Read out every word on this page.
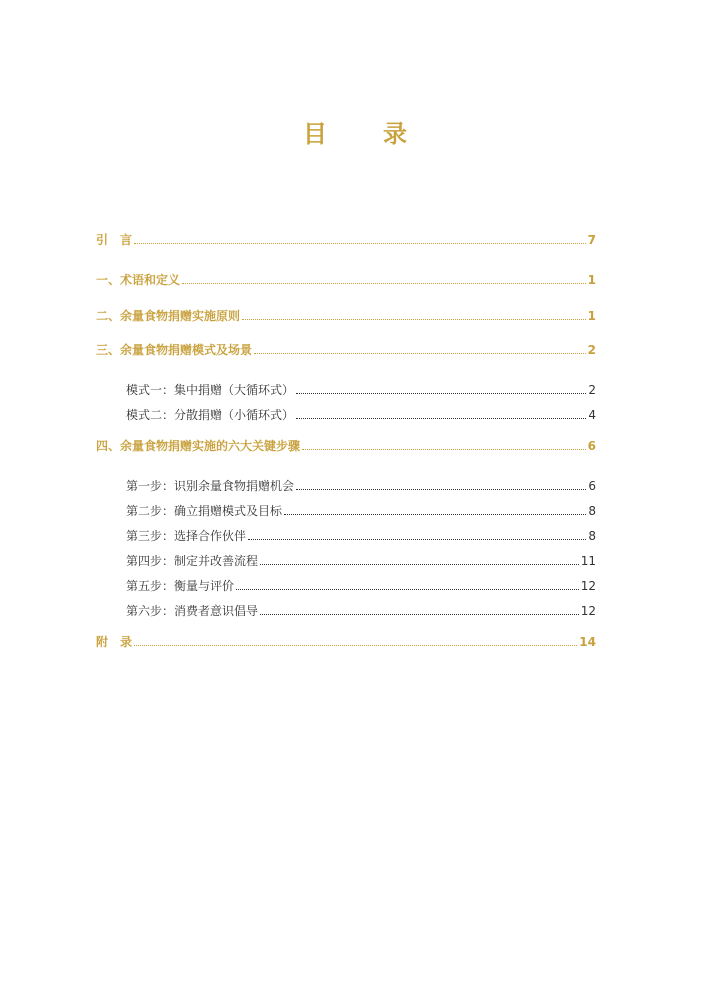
目　录
引　言	7
一、术语和定义	1
二、余量食物捐赠实施原则	1
三、余量食物捐赠模式及场景	2
模式一：集中捐赠（大循环式）	2
模式二：分散捐赠（小循环式）	4
四、余量食物捐赠实施的六大关键步骤	6
第一步：识别余量食物捐赠机会	6
第二步：确立捐赠模式及目标	8
第三步：选择合作伙伴	8
第四步：制定并改善流程	11
第五步：衡量与评价	12
第六步：消费者意识倡导	12
附　录	14
